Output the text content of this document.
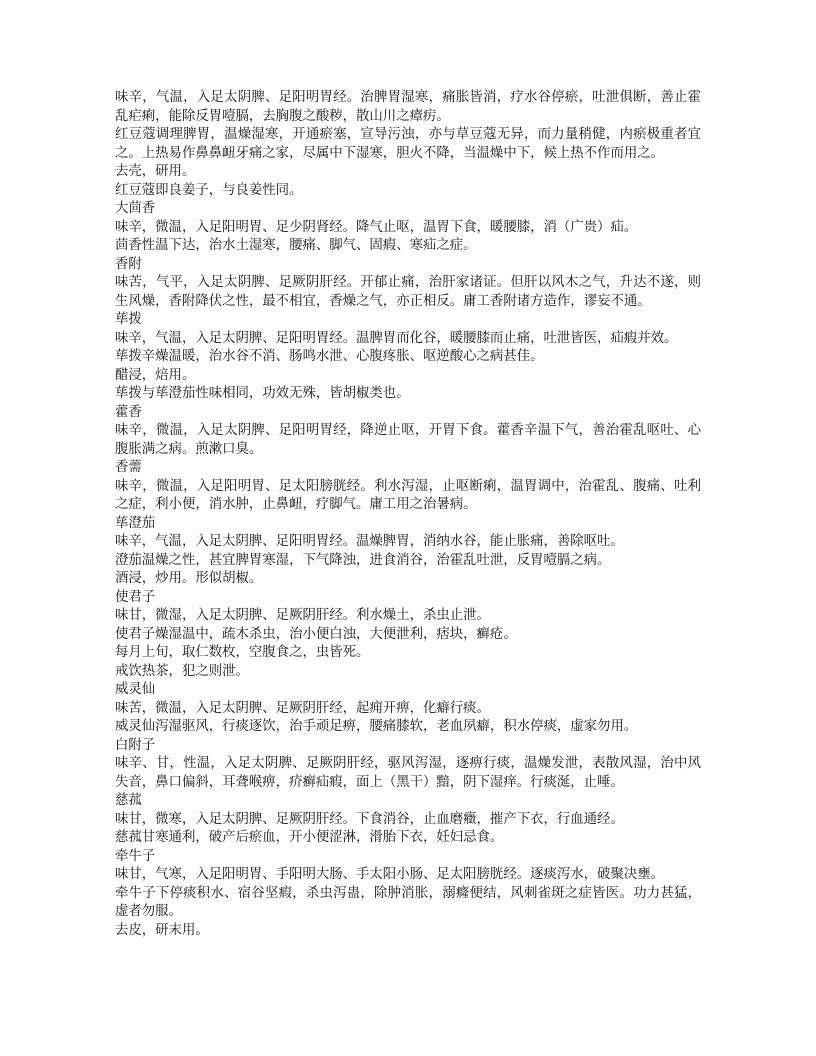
味辛，气温，入足太阴脾、足阳明胃经。治脾胃湿寒，痛胀皆消，疗水谷停瘀，吐泄俱断，善止霍乱疟痢，能除反胃噎膈，去胸腹之酸秽，散山川之瘴疠。
红豆蔻调理脾胃，温燥湿寒，开通瘀塞，宣导污浊，亦与草豆蔻无异，而力量稍健，内瘀极重者宜之。上热易作鼻鼻衄牙痛之家，尽属中下湿寒，胆火不降，当温燥中下，候上热不作而用之。
去壳，研用。
红豆蔻即良姜子，与良姜性同。
大茴香
味辛，微温，入足阳明胃、足少阴肾经。降气止呕，温胃下食，暖腰膝，消（广贵）疝。
茴香性温下达，治水土湿寒，腰痛、脚气、固瘕、寒疝之症。
香附
味苦，气平，入足太阴脾、足厥阴肝经。开郁止痛，治肝家诸证。但肝以风木之气，升达不遂，则生风燥，香附降伏之性，最不相宜，香燥之气，亦正相反。庸工香附诸方造作，谬妄不通。
荜拨
味辛，气温，入足太阴脾、足阳明胃经。温脾胃而化谷，暖腰膝而止痛，吐泄皆医，疝瘕并效。
荜拨辛燥温暖，治水谷不消、肠鸣水泄、心腹疼胀、呕逆酸心之病甚佳。
醋浸，焙用。
荜拨与荜澄茄性味相同，功效无殊，皆胡椒类也。
藿香
味辛，微温，入足太阴脾、足阳明胃经，降逆止呕，开胃下食。藿香辛温下气，善治霍乱呕吐、心腹胀满之病。煎漱口臭。
香薷
味辛，微温，入足阳明胃、足太阳膀胱经。利水泻湿，止呕断痢，温胃调中，治霍乱、腹痛、吐利之症，利小便，消水肿，止鼻衄，疗脚气。庸工用之治暑病。
荜澄茄
味辛，气温，入足太阴脾、足阳明胃经。温燥脾胃，消纳水谷，能止胀痛，善除呕吐。
澄茄温燥之性，甚宜脾胃寒湿，下气降浊，进食消谷，治霍乱吐泄，反胃噎膈之病。
酒浸，炒用。形似胡椒。
使君子
味甘，微湿，入足太阴脾、足厥阴肝经。利水燥土，杀虫止泄。
使君子燥湿温中，疏木杀虫，治小便白浊，大便泄利，痞块，癣疮。
每月上旬，取仁数枚，空腹食之，虫皆死。
戒饮热茶，犯之则泄。
威灵仙
味苦，微温，入足太阴脾、足厥阴肝经，起痈开痹，化癖行痰。
威灵仙泻湿驱风，行痰逐饮，治手顽足痹，腰痛膝软，老血夙癖，积水停痰，虚家勿用。
白附子
味辛、甘，性温，入足太阴脾、足厥阴肝经，驱风泻湿，逐痹行痰，温燥发泄，表散风湿，治中风失音，鼻口偏斜，耳聋喉痹，疥癣疝瘕，面上（黑干）黯，阴下湿痒。行痰涎，止唾。
慈菰
味甘，微寒，入足太阴脾、足厥阴肝经。下食消谷，止血磨癥，摧产下衣，行血通经。
慈菰甘寒通利，破产后瘀血，开小便涩淋，滑胎下衣，妊妇忌食。
牵牛子
味甘，气寒，入足阳明胃、手阳明大肠、手太阳小肠、足太阳膀胱经。逐痰泻水，破聚决壅。
牵牛子下停痰积水、宿谷坚瘕，杀虫泻蛊，除肿消胀，溺癃便结，风刺雀斑之症皆医。功力甚猛，虚者勿服。
去皮，研末用。
